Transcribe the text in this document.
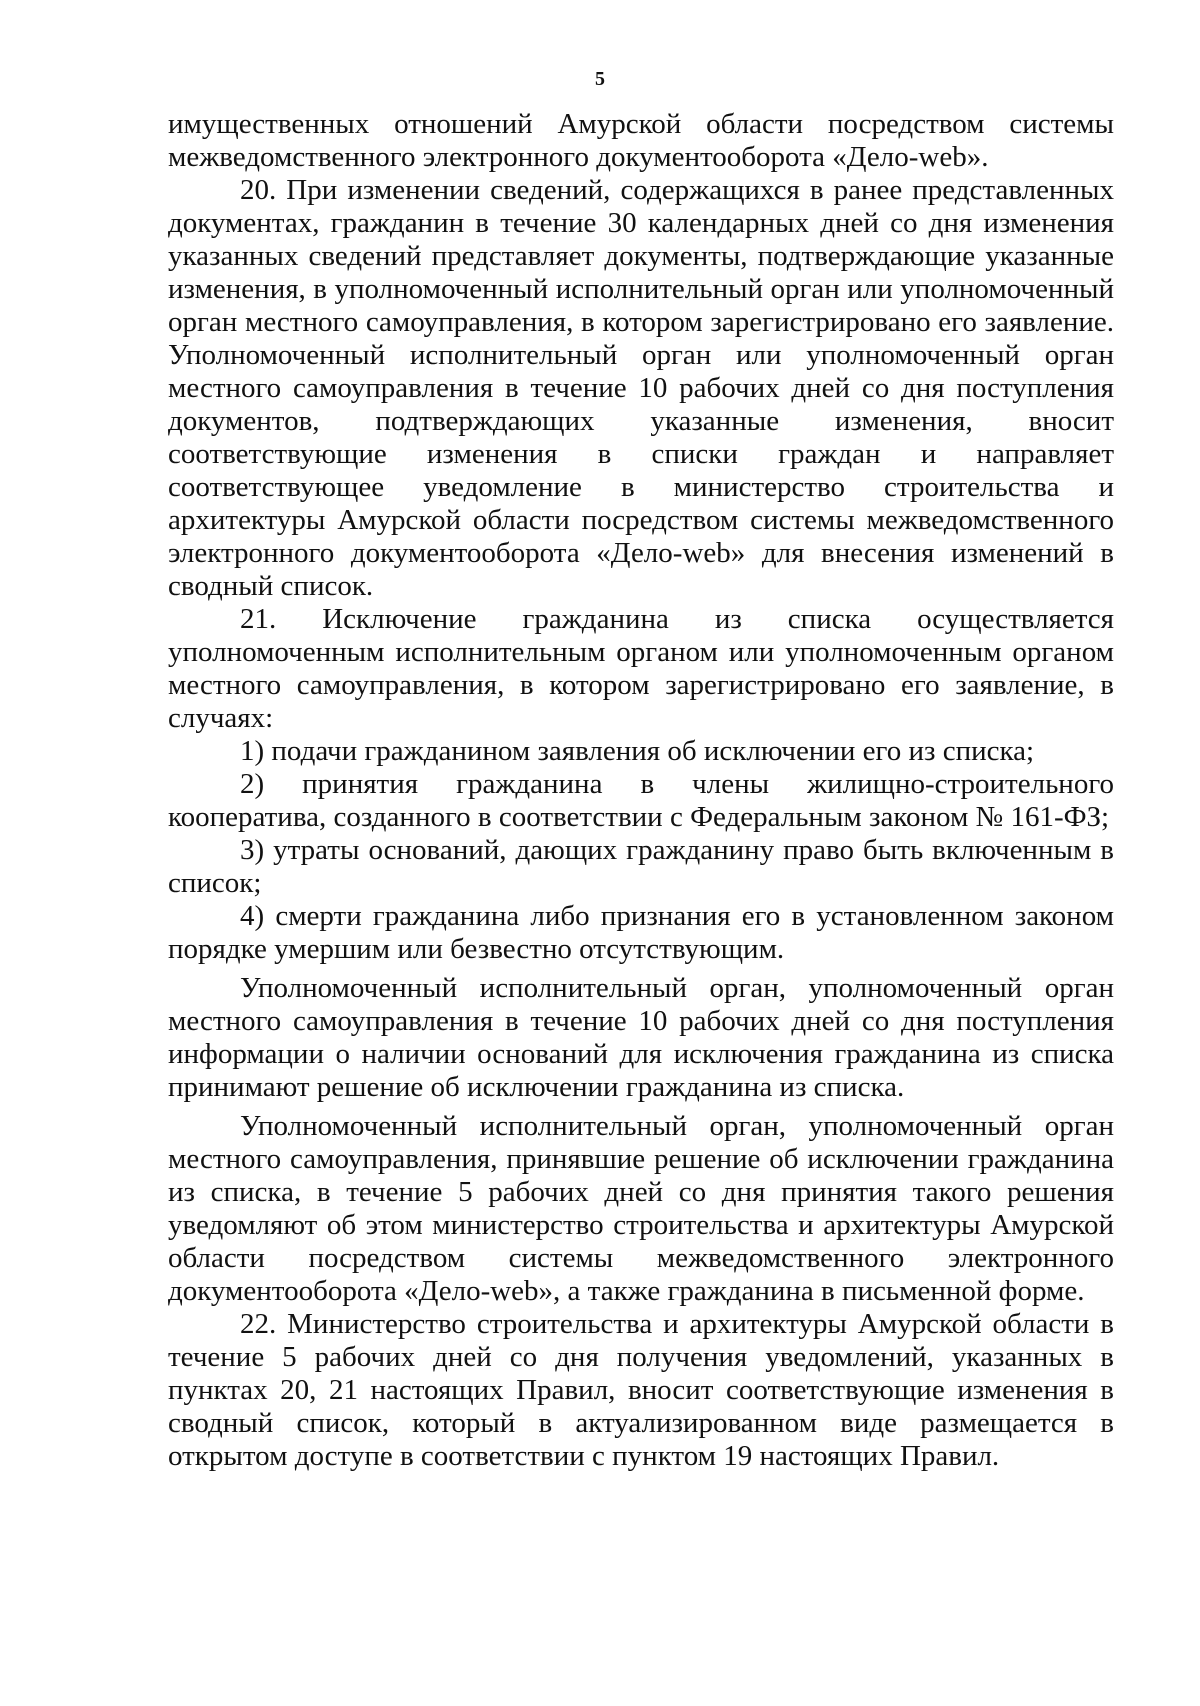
5

имущественных отношений Амурской области посредством системы межведомственного электронного документооборота «Дело-web».

20. При изменении сведений, содержащихся в ранее представленных документах, гражданин в течение 30 календарных дней со дня изменения указанных сведений представляет документы, подтверждающие указанные изменения, в уполномоченный исполнительный орган или уполномоченный орган местного самоуправления, в котором зарегистрировано его заявление. Уполномоченный исполнительный орган или уполномоченный орган местного самоуправления в течение 10 рабочих дней со дня поступления документов, подтверждающих указанные изменения, вносит соответствующие изменения в списки граждан и направляет соответствующее уведомление в министерство строительства и архитектуры Амурской области посредством системы межведомственного электронного документооборота «Дело-web» для внесения изменений в сводный список.

21. Исключение гражданина из списка осуществляется уполномоченным исполнительным органом или уполномоченным органом местного самоуправления, в котором зарегистрировано его заявление, в случаях:

1) подачи гражданином заявления об исключении его из списка;

2) принятия гражданина в члены жилищно-строительного кооператива, созданного в соответствии с Федеральным законом № 161-ФЗ;

3) утраты оснований, дающих гражданину право быть включенным в список;

4) смерти гражданина либо признания его в установленном законом порядке умершим или безвестно отсутствующим.

Уполномоченный исполнительный орган, уполномоченный орган местного самоуправления в течение 10 рабочих дней со дня поступления информации о наличии оснований для исключения гражданина из списка принимают решение об исключении гражданина из списка.

Уполномоченный исполнительный орган, уполномоченный орган местного самоуправления, принявшие решение об исключении гражданина из списка, в течение 5 рабочих дней со дня принятия такого решения уведомляют об этом министерство строительства и архитектуры Амурской области посредством системы межведомственного электронного документооборота «Дело-web», а также гражданина в письменной форме.

22. Министерство строительства и архитектуры Амурской области в течение 5 рабочих дней со дня получения уведомлений, указанных в пунктах 20, 21 настоящих Правил, вносит соответствующие изменения в сводный список, который в актуализированном виде размещается в открытом доступе в соответствии с пунктом 19 настоящих Правил.
